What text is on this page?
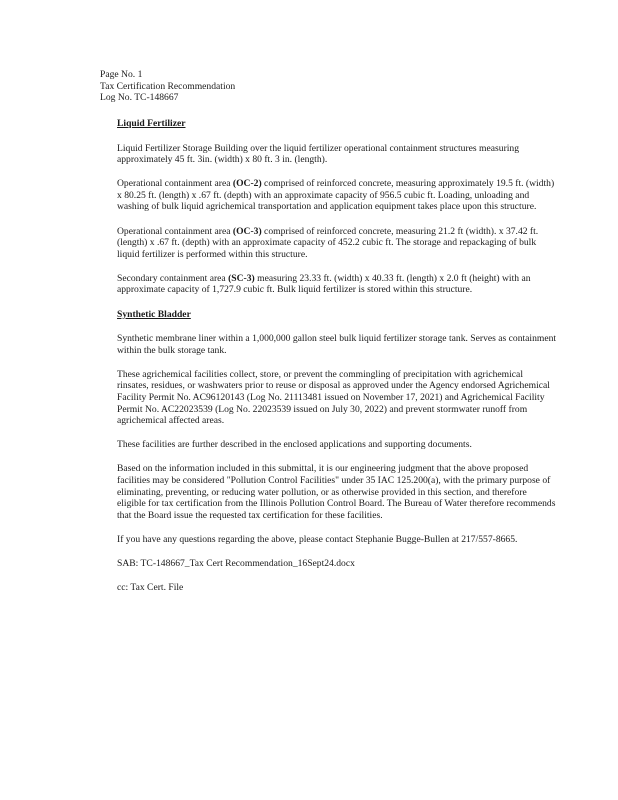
Page No. 1
Tax Certification Recommendation
Log No. TC-148667
Liquid Fertilizer

Liquid Fertilizer Storage Building over the liquid fertilizer operational containment structures measuring approximately 45 ft. 3in. (width) x 80 ft. 3 in. (length).

Operational containment area (OC-2) comprised of reinforced concrete, measuring approximately 19.5 ft. (width) x 80.25 ft. (length) x .67 ft. (depth) with an approximate capacity of 956.5 cubic ft. Loading, unloading and washing of bulk liquid agrichemical transportation and application equipment takes place upon this structure.

Operational containment area (OC-3) comprised of reinforced concrete, measuring 21.2 ft (width). x 37.42 ft. (length) x .67 ft. (depth) with an approximate capacity of 452.2 cubic ft. The storage and repackaging of bulk liquid fertilizer is performed within this structure.

Secondary containment area (SC-3) measuring 23.33 ft. (width) x 40.33 ft. (length) x 2.0 ft (height) with an approximate capacity of 1,727.9 cubic ft. Bulk liquid fertilizer is stored within this structure.

Synthetic Bladder

Synthetic membrane liner within a 1,000,000 gallon steel bulk liquid fertilizer storage tank. Serves as containment within the bulk storage tank.

These agrichemical facilities collect, store, or prevent the commingling of precipitation with agrichemical rinsates, residues, or washwaters prior to reuse or disposal as approved under the Agency endorsed Agrichemical Facility Permit No. AC96120143 (Log No. 21113481 issued on November 17, 2021) and Agrichemical Facility Permit No. AC22023539 (Log No. 22023539 issued on July 30, 2022) and prevent stormwater runoff from agrichemical affected areas.

These facilities are further described in the enclosed applications and supporting documents.

Based on the information included in this submittal, it is our engineering judgment that the above proposed facilities may be considered "Pollution Control Facilities" under 35 IAC 125.200(a), with the primary purpose of eliminating, preventing, or reducing water pollution, or as otherwise provided in this section, and therefore eligible for tax certification from the Illinois Pollution Control Board. The Bureau of Water therefore recommends that the Board issue the requested tax certification for these facilities.

If you have any questions regarding the above, please contact Stephanie Bugge-Bullen at 217/557-8665.

SAB: TC-148667_Tax Cert Recommendation_16Sept24.docx

cc: Tax Cert. File
